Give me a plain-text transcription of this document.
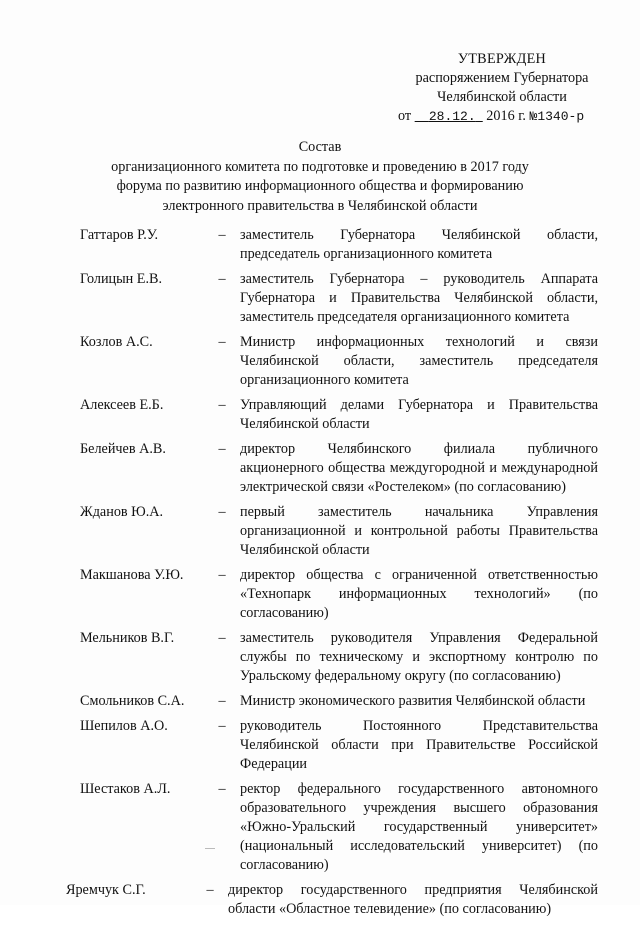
УТВЕРЖДЕН
распоряжением Губернатора
Челябинской области
от 28.12. 2016 г. №1340-р
Состав
организационного комитета по подготовке и проведению в 2017 году
форума по развитию информационного общества и формированию
электронного правительства в Челябинской области
Гаттаров Р.У.	– заместитель Губернатора Челябинской области, председатель организационного комитета
Голицын Е.В.	– заместитель Губернатора – руководитель Аппарата Губернатора и Правительства Челябинской области, заместитель председателя организационного комитета
Козлов А.С.	– Министр информационных технологий и связи Челябинской области, заместитель председателя организационного комитета
Алексеев Е.Б.	– Управляющий делами Губернатора и Правительства Челябинской области
Белейчев А.В.	– директор Челябинского филиала публичного акционерного общества междугородной и международной электрической связи «Ростелеком» (по согласованию)
Жданов Ю.А.	– первый заместитель начальника Управления организационной и контрольной работы Правительства Челябинской области
Макшанова У.Ю.	– директор общества с ограниченной ответственностью «Технопарк информационных технологий» (по согласованию)
Мельников В.Г.	– заместитель руководителя Управления Федеральной службы по техническому и экспортному контролю по Уральскому федеральному округу (по согласованию)
Смольников С.А.	– Министр экономического развития Челябинской области
Шепилов А.О.	– руководитель Постоянного Представительства Челябинской области при Правительстве Российской Федерации
Шестаков А.Л.	– ректор федерального государственного автономного образовательного учреждения высшего образования «Южно-Уральский государственный университет» (национальный исследовательский университет) (по согласованию)
Яремчук С.Г.	– директор государственного предприятия Челябинской области «Областное телевидение» (по согласованию)
